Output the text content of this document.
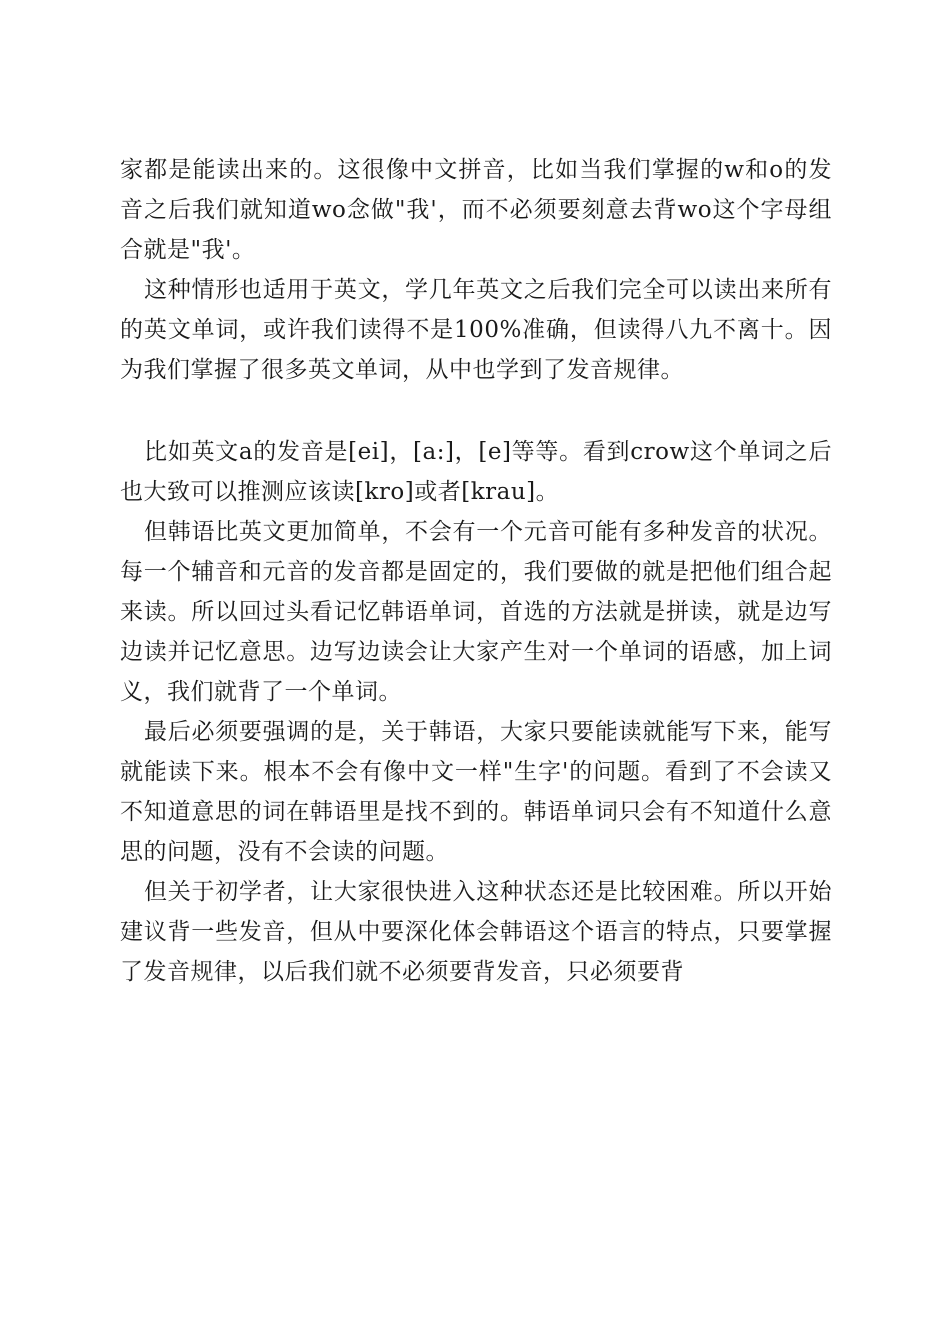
家都是能读出来的。这很像中文拼音，比如当我们掌握的w和o的发音之后我们就知道wo念做"我'，而不必须要刻意去背wo这个字母组合就是"我'。

这种情形也适用于英文，学几年英文之后我们完全可以读出来所有的英文单词，或许我们读得不是100%准确，但读得八九不离十。因为我们掌握了很多英文单词，从中也学到了发音规律。

比如英文a的发音是[ei]，[a:]，[e]等等。看到crow这个单词之后也大致可以推测应该读[kro]或者[krau]。

但韩语比英文更加简单，不会有一个元音可能有多种发音的状况。每一个辅音和元音的发音都是固定的，我们要做的就是把他们组合起来读。所以回过头看记忆韩语单词，首选的方法就是拼读，就是边写边读并记忆意思。边写边读会让大家产生对一个单词的语感，加上词义，我们就背了一个单词。

最后必须要强调的是，关于韩语，大家只要能读就能写下来，能写就能读下来。根本不会有像中文一样"生字'的问题。看到了不会读又不知道意思的词在韩语里是找不到的。韩语单词只会有不知道什么意思的问题，没有不会读的问题。

但关于初学者，让大家很快进入这种状态还是比较困难。所以开始建议背一些发音，但从中要深化体会韩语这个语言的特点，只要掌握了发音规律，以后我们就不必须要背发音，只必须要背
